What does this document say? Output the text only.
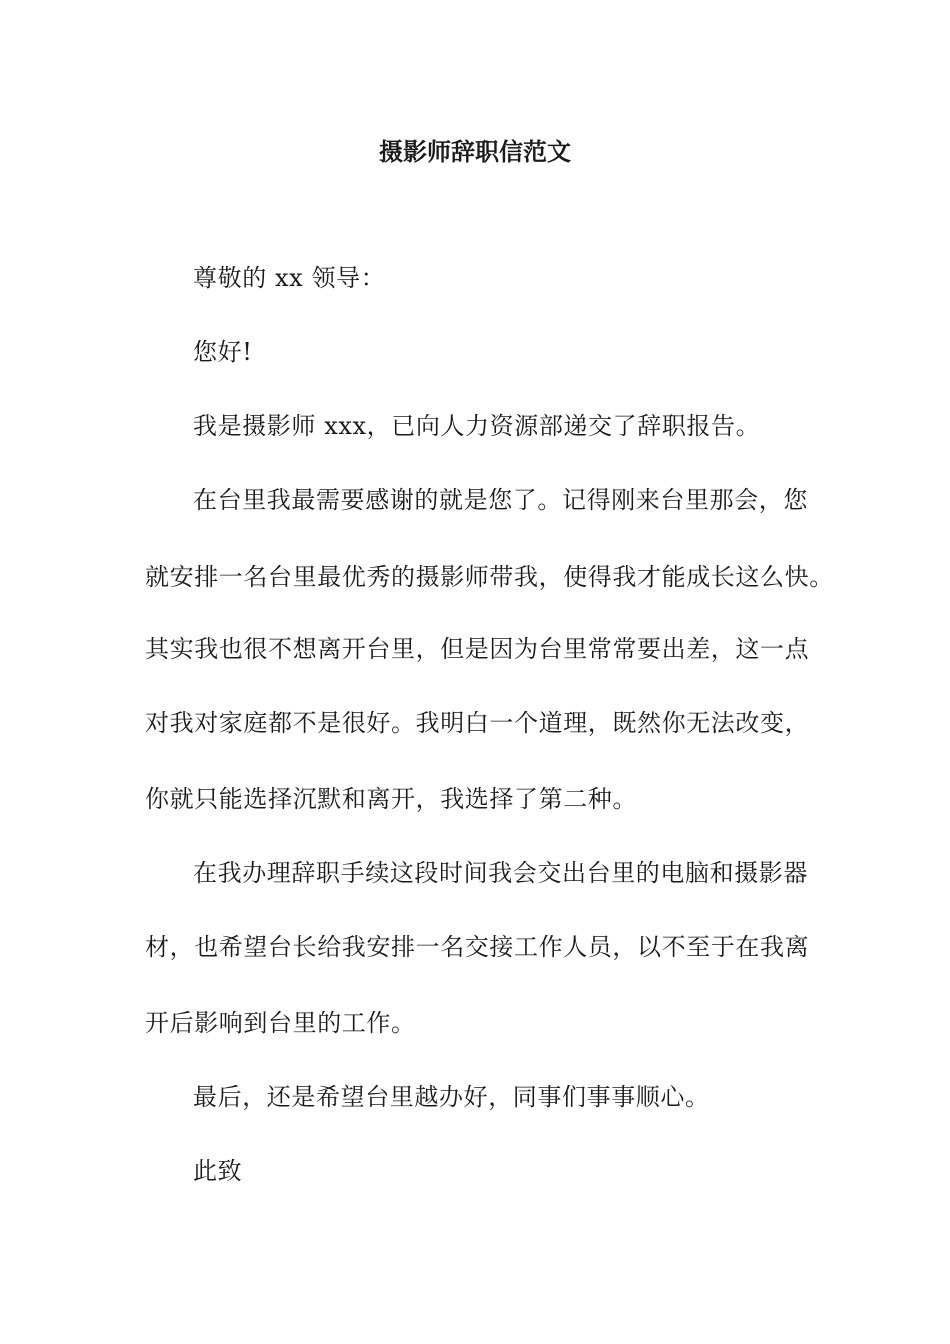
摄影师辞职信范文
尊敬的 xx 领导：
您好!
我是摄影师 xxx，已向人力资源部递交了辞职报告。
在台里我最需要感谢的就是您了。记得刚来台里那会，您
就安排一名台里最优秀的摄影师带我，使得我才能成长这么快。
其实我也很不想离开台里，但是因为台里常常要出差，这一点
对我对家庭都不是很好。我明白一个道理，既然你无法改变，
你就只能选择沉默和离开，我选择了第二种。
在我办理辞职手续这段时间我会交出台里的电脑和摄影器
材，也希望台长给我安排一名交接工作人员，以不至于在我离
开后影响到台里的工作。
最后，还是希望台里越办好，同事们事事顺心。
此致
